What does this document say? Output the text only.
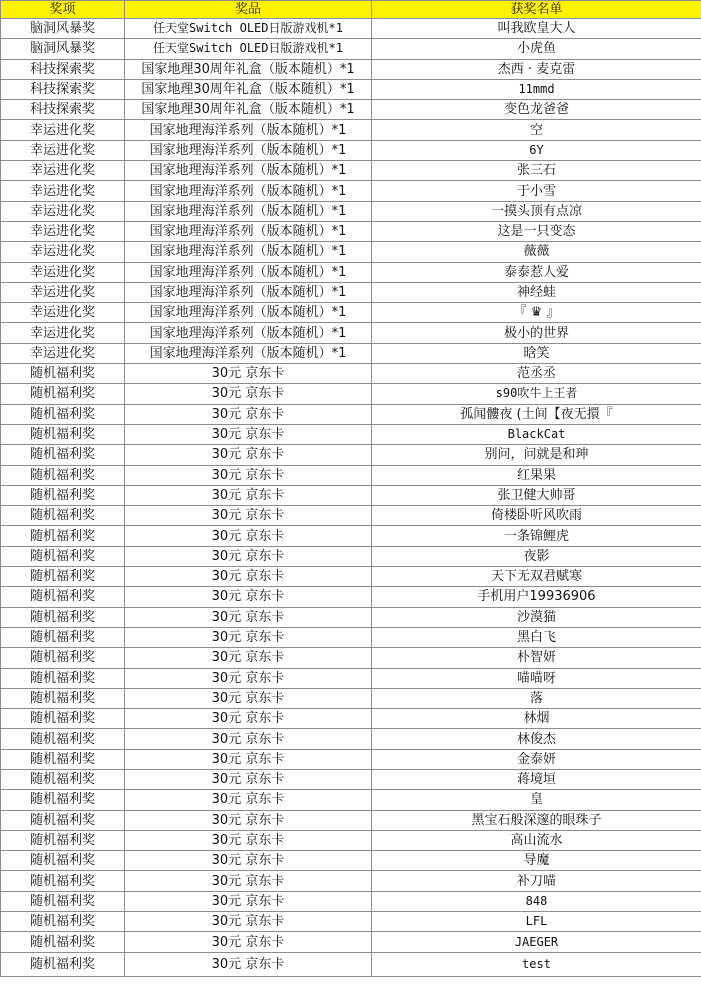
奖项	奖品	获奖名单
脑洞风暴奖	任天堂Switch OLED日版游戏机*1	叫我欧皇大人
脑洞风暴奖	任天堂Switch OLED日版游戏机*1	小虎鱼
科技探索奖	国家地理30周年礼盒（版本随机）*1	杰西 · 麦克雷
科技探索奖	国家地理30周年礼盒（版本随机）*1	11mmd
科技探索奖	国家地理30周年礼盒（版本随机）*1	变色龙爸爸
幸运进化奖	国家地理海洋系列（版本随机）*1	空
幸运进化奖	国家地理海洋系列（版本随机）*1	6Y
幸运进化奖	国家地理海洋系列（版本随机）*1	张三石
幸运进化奖	国家地理海洋系列（版本随机）*1	于小雪
幸运进化奖	国家地理海洋系列（版本随机）*1	一摸头顶有点凉
幸运进化奖	国家地理海洋系列（版本随机）*1	这是一只变态
幸运进化奖	国家地理海洋系列（版本随机）*1	薇薇
幸运进化奖	国家地理海洋系列（版本随机）*1	泰泰惹人爱
幸运进化奖	国家地理海洋系列（版本随机）*1	神经蛙
幸运进化奖	国家地理海洋系列（版本随机）*1	『 ♛ 』
幸运进化奖	国家地理海洋系列（版本随机）*1	极小的世界
幸运进化奖	国家地理海洋系列（版本随机）*1	晗笑
随机福利奖	30元 京东卡	范丞丞
随机福利奖	30元 京东卡	s90吹牛上王者
随机福利奖	30元 京东卡	孤闻髏夜 (土间【夜无擐『
随机福利奖	30元 京东卡	BlackCat
随机福利奖	30元 京东卡	别问，问就是和珅
随机福利奖	30元 京东卡	红果果
随机福利奖	30元 京东卡	张卫健大帅哥
随机福利奖	30元 京东卡	倚楼卧听风吹雨
随机福利奖	30元 京东卡	一条锦鲤虎
随机福利奖	30元 京东卡	夜影
随机福利奖	30元 京东卡	天下无双君赋寒
随机福利奖	30元 京东卡	手机用户19936906
随机福利奖	30元 京东卡	沙漠猫
随机福利奖	30元 京东卡	黑白飞
随机福利奖	30元 京东卡	朴智妍
随机福利奖	30元 京东卡	喵喵呀
随机福利奖	30元 京东卡	落
随机福利奖	30元 京东卡	林烟
随机福利奖	30元 京东卡	林俊杰
随机福利奖	30元 京东卡	金泰妍
随机福利奖	30元 京东卡	蒋境垣
随机福利奖	30元 京东卡	皇
随机福利奖	30元 京东卡	黑宝石般深邃的眼珠子
随机福利奖	30元 京东卡	高山流水
随机福利奖	30元 京东卡	导魔
随机福利奖	30元 京东卡	补刀喵
随机福利奖	30元 京东卡	848
随机福利奖	30元 京东卡	LFL
随机福利奖	30元 京东卡	JAEGER
随机福利奖	30元 京东卡	test
